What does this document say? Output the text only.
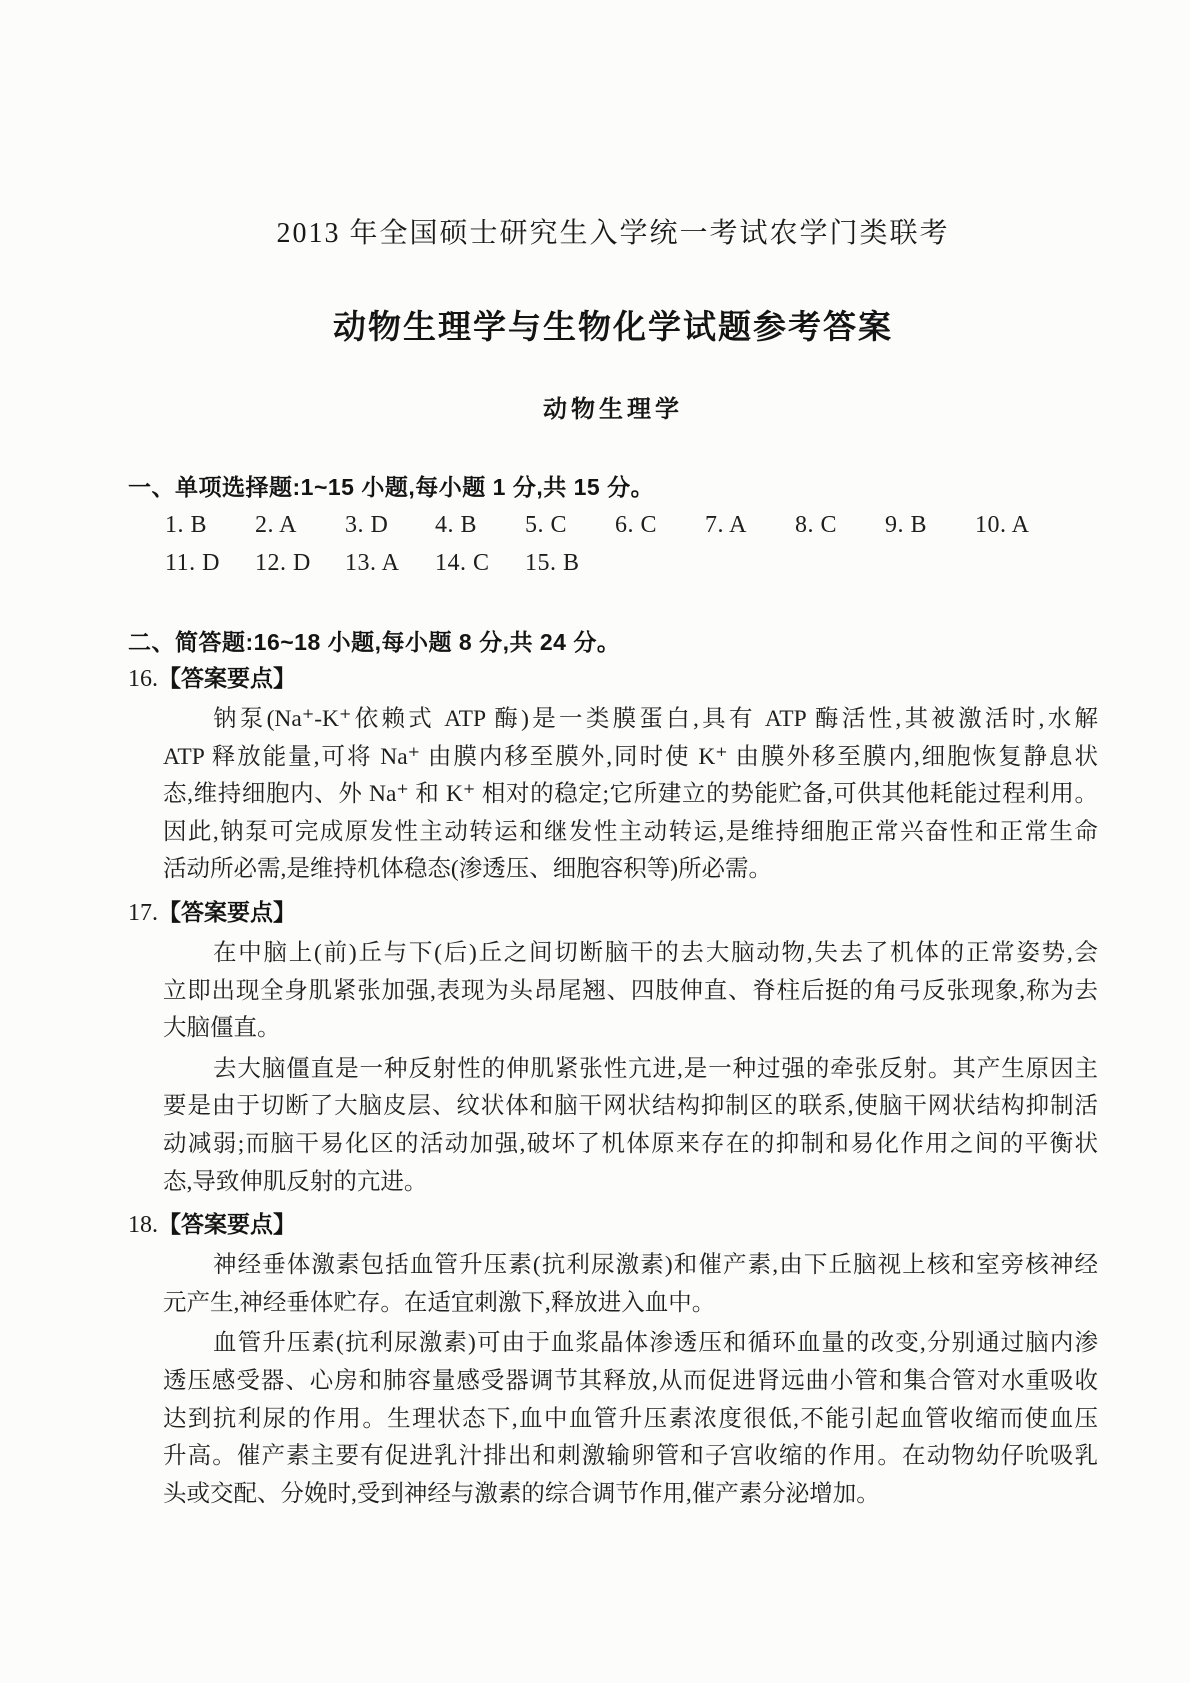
2013 年全国硕士研究生入学统一考试农学门类联考
动物生理学与生物化学试题参考答案
动物生理学
一、单项选择题:1~15 小题,每小题 1 分,共 15 分。
1. B 2. A 3. D 4. B 5. C 6. C 7. A 8. C 9. B 10. A
11. D 12. D 13. A 14. C 15. B
二、简答题:16~18 小题,每小题 8 分,共 24 分。
16.【答案要点】
钠泵(Na⁺-K⁺依赖式 ATP 酶)是一类膜蛋白,具有 ATP 酶活性,其被激活时,水解
ATP 释放能量,可将 Na⁺ 由膜内移至膜外,同时使 K⁺ 由膜外移至膜内,细胞恢复静息状
态,维持细胞内、外 Na⁺ 和 K⁺ 相对的稳定;它所建立的势能贮备,可供其他耗能过程利用。
因此,钠泵可完成原发性主动转运和继发性主动转运,是维持细胞正常兴奋性和正常生命
活动所必需,是维持机体稳态(渗透压、细胞容积等)所必需。
17.【答案要点】
在中脑上(前)丘与下(后)丘之间切断脑干的去大脑动物,失去了机体的正常姿势,会
立即出现全身肌紧张加强,表现为头昂尾翘、四肢伸直、脊柱后挺的角弓反张现象,称为去
大脑僵直。
去大脑僵直是一种反射性的伸肌紧张性亢进,是一种过强的牵张反射。其产生原因主
要是由于切断了大脑皮层、纹状体和脑干网状结构抑制区的联系,使脑干网状结构抑制活
动减弱;而脑干易化区的活动加强,破坏了机体原来存在的抑制和易化作用之间的平衡状
态,导致伸肌反射的亢进。
18.【答案要点】
神经垂体激素包括血管升压素(抗利尿激素)和催产素,由下丘脑视上核和室旁核神经
元产生,神经垂体贮存。在适宜刺激下,释放进入血中。
血管升压素(抗利尿激素)可由于血浆晶体渗透压和循环血量的改变,分别通过脑内渗
透压感受器、心房和肺容量感受器调节其释放,从而促进肾远曲小管和集合管对水重吸收
达到抗利尿的作用。生理状态下,血中血管升压素浓度很低,不能引起血管收缩而使血压
升高。催产素主要有促进乳汁排出和刺激输卵管和子宫收缩的作用。在动物幼仔吮吸乳
头或交配、分娩时,受到神经与激素的综合调节作用,催产素分泌增加。
